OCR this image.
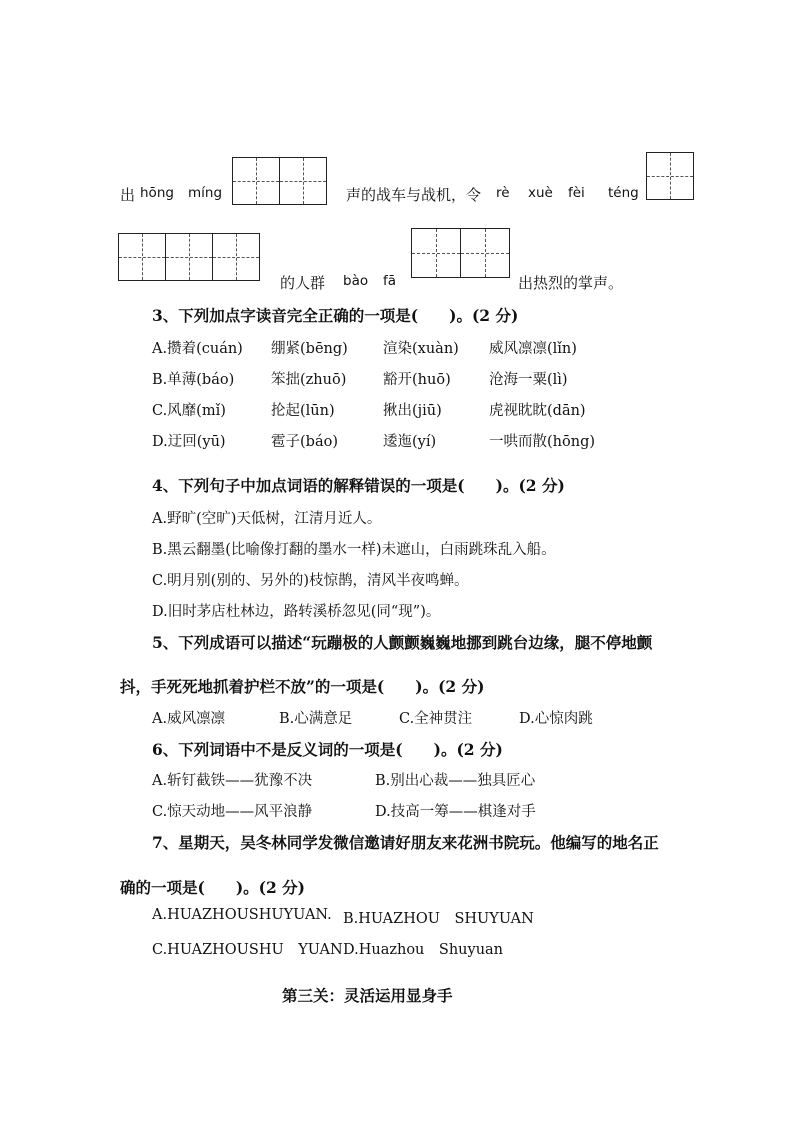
出 hōng míng	声的战车与战机，令 rè xuè fèi téng
的人群 bào fā	出热烈的掌声。
3、下列加点字读音完全正确的一项是(　　)。(2 分)
A.攒着(cuán) 绷紧(bēng) 渲染(xuàn) 威风凛凛(lǐn)
B.单薄(báo)	笨拙(zhuō)	豁开(huō)	沧海一粟(lì)
C.风靡(mǐ)	抡起(lūn)	揪出(jiū)	虎视眈眈(dān)
D.迂回(yū)	雹子(báo)	逶迤(yí)	一哄而散(hōng)
4、下列句子中加点词语的解释错误的一项是(　　)。(2 分)
A.野旷(空旷)天低树，江清月近人。
B.黑云翻墨(比喻像打翻的墨水一样)未遮山，白雨跳珠乱入船。
C.明月别(别的、另外的)枝惊鹊，清风半夜鸣蝉。
D.旧时茅店杜林边，路转溪桥忽见(同“现”)。
5、下列成语可以描述“玩蹦极的人颤颤巍巍地挪到跳台边缘，腿不停地颤
抖，手死死地抓着护栏不放”的一项是(　　)。(2 分)
A.威风凛凛	B.心满意足	C.全神贯注	D.心惊肉跳
6、下列词语中不是反义词的一项是(　　)。(2 分)
A.斩钉截铁——犹豫不决	B.别出心裁——独具匠心
C.惊天动地——风平浪静	D.技高一筹——棋逢对手
7、星期天，吴冬林同学发微信邀请好朋友来花洲书院玩。他编写的地名正
确的一项是(　　)。(2 分)
A.HUAZHOUSHUYUAN. B.HUAZHOU　SHUYUAN
C.HUAZHOUSHU　YUAN D.Huazhou　Shuyuan
第三关：灵活运用显身手
